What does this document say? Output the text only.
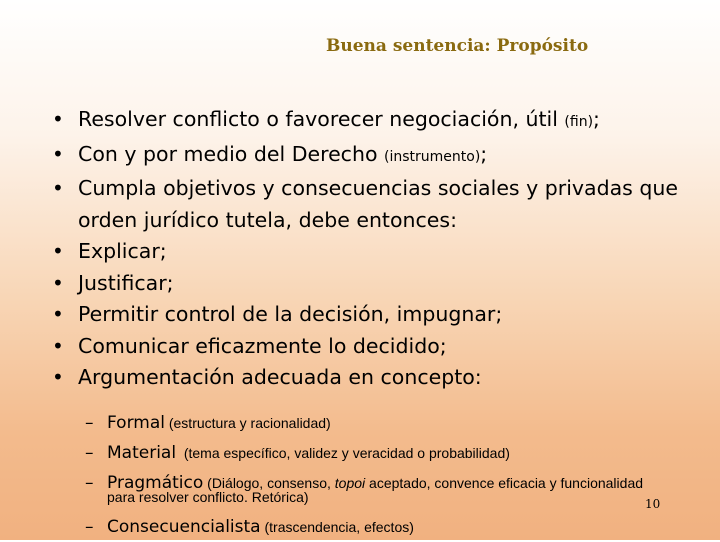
Buena sentencia: Propósito
• Resolver conflicto o favorecer negociación, útil (fin);
• Con y por medio del Derecho (instrumento);
• Cumpla objetivos y consecuencias sociales y privadas que orden jurídico tutela, debe entonces:
• Explicar;
• Justificar;
• Permitir control de la decisión, impugnar;
• Comunicar eficazmente lo decidido;
• Argumentación adecuada en concepto:
– Formal (estructura y racionalidad)
– Material  (tema específico, validez y veracidad o probabilidad)
– Pragmático (Diálogo, consenso, topoi aceptado, convence eficacia y funcionalidad
para resolver conflicto. Retórica)	10
– Consecuencialista (trascendencia, efectos)
